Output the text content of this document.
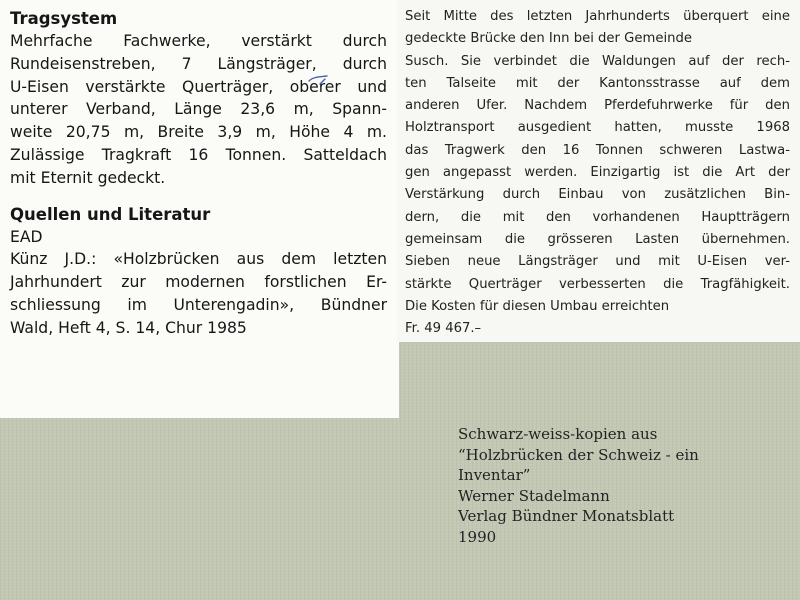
Tragsystem
Mehrfache Fachwerke, verstärkt durch
Rundeisenstreben, 7 Längsträger, durch
U-Eisen verstärkte Querträger, oberer und
unterer Verband, Länge 23,6 m, Spann-
weite 20,75 m, Breite 3,9 m, Höhe 4 m.
Zulässige Tragkraft 16 Tonnen. Satteldach
mit Eternit gedeckt.
Quellen und Literatur
EAD
Künz J.D.: «Holzbrücken aus dem letzten
Jahrhundert zur modernen forstlichen Er-
schliessung im Unterengadin», Bündner
Wald, Heft 4, S. 14, Chur 1985
Seit Mitte des letzten Jahrhunderts überquert eine
gedeckte Brücke den Inn bei der Gemeinde
Susch. Sie verbindet die Waldungen auf der rech-
ten Talseite mit der Kantonsstrasse auf dem
anderen Ufer. Nachdem Pferdefuhrwerke für den
Holztransport ausgedient hatten, musste 1968
das Tragwerk den 16 Tonnen schweren Lastwa-
gen angepasst werden. Einzigartig ist die Art der
Verstärkung durch Einbau von zusätzlichen Bin-
dern, die mit den vorhandenen Hauptträgern
gemeinsam die grösseren Lasten übernehmen.
Sieben neue Längsträger und mit U-Eisen ver-
stärkte Querträger verbesserten die Tragfähigkeit.
Die Kosten für diesen Umbau erreichten
Fr. 49 467.–
Schwarz-weiss-kopien aus
“Holzbrücken der Schweiz - ein
Inventar”
Werner Stadelmann
Verlag Bündner Monatsblatt
1990
